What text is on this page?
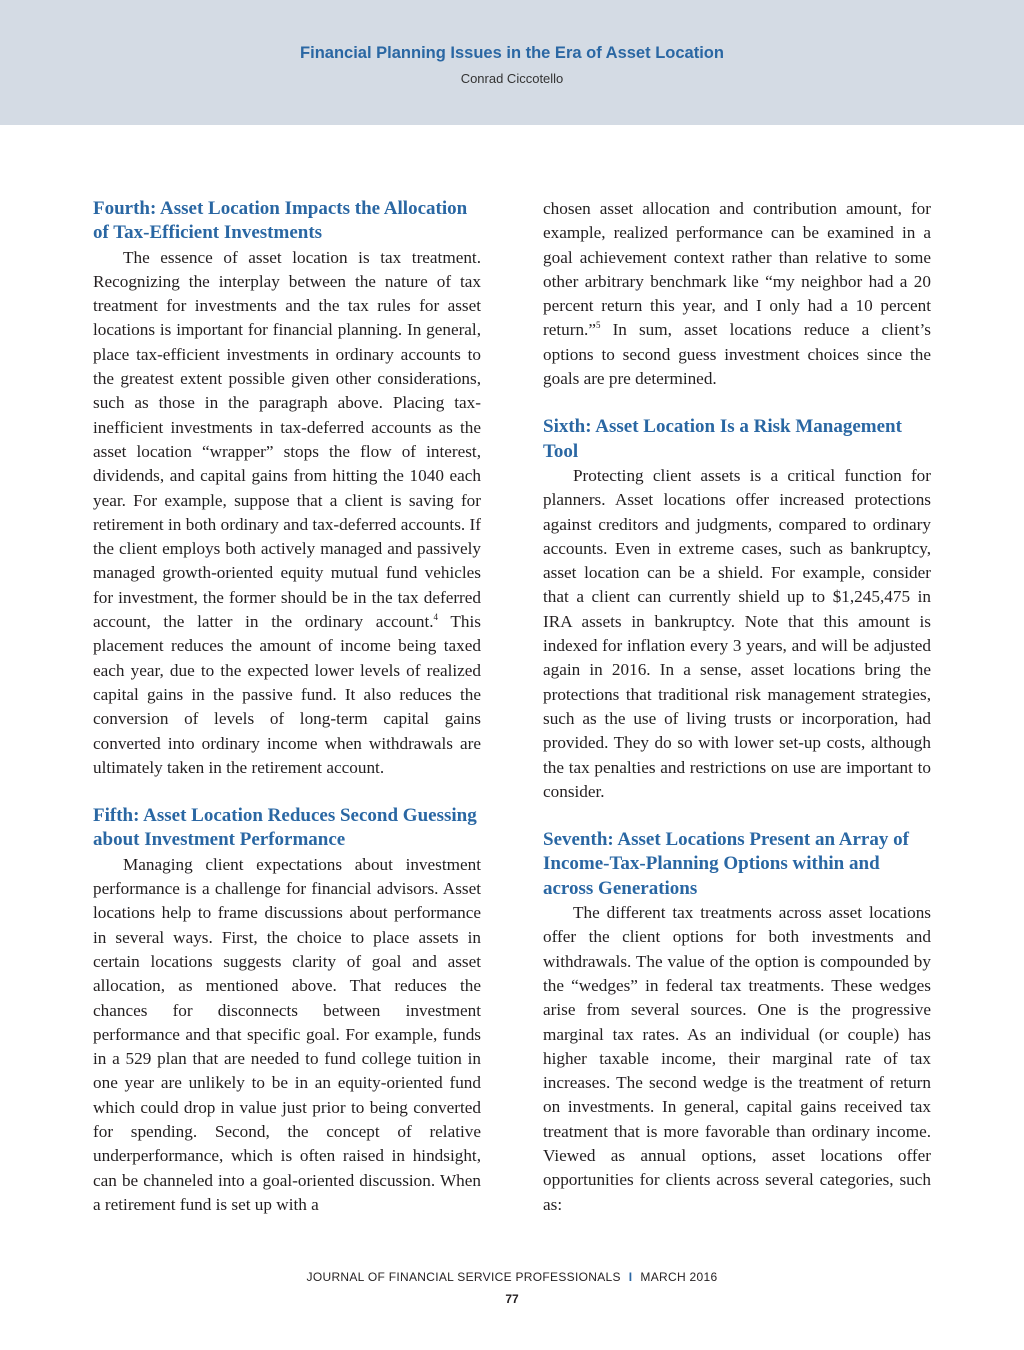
Financial Planning Issues in the Era of Asset Location
Conrad Ciccotello
Fourth: Asset Location Impacts the Allocation of Tax-Efficient Investments

The essence of asset location is tax treatment. Recognizing the interplay between the nature of tax treatment for investments and the tax rules for asset locations is important for financial planning. In general, place tax-efficient investments in ordinary accounts to the greatest extent possible given other considerations, such as those in the paragraph above. Placing tax-inefficient investments in tax-deferred accounts as the asset location “wrapper” stops the flow of interest, dividends, and capital gains from hitting the 1040 each year. For example, suppose that a client is saving for retirement in both ordinary and tax-deferred accounts. If the client employs both actively managed and passively managed growth-oriented equity mutual fund vehicles for investment, the former should be in the tax deferred account, the latter in the ordinary account.$^4$ This placement reduces the amount of income being taxed each year, due to the expected lower levels of realized capital gains in the passive fund. It also reduces the conversion of levels of long-term capital gains converted into ordinary income when withdrawals are ultimately taken in the retirement account.

Fifth: Asset Location Reduces Second Guessing about Investment Performance

Managing client expectations about investment performance is a challenge for financial advisors. Asset locations help to frame discussions about performance in several ways. First, the choice to place assets in certain locations suggests clarity of goal and asset allocation, as mentioned above. That reduces the chances for disconnects between investment performance and that specific goal. For example, funds in a 529 plan that are needed to fund college tuition in one year are unlikely to be in an equity-oriented fund which could drop in value just prior to being converted for spending. Second, the concept of relative underperformance, which is often raised in hindsight, can be channeled into a goal-oriented discussion. When a retirement fund is set up with a

chosen asset allocation and contribution amount, for example, realized performance can be examined in a goal achievement context rather than relative to some other arbitrary benchmark like “my neighbor had a 20 percent return this year, and I only had a 10 percent return.”$^5$ In sum, asset locations reduce a client’s options to second guess investment choices since the goals are pre determined.

Sixth: Asset Location Is a Risk Management Tool

Protecting client assets is a critical function for planners. Asset locations offer increased protections against creditors and judgments, compared to ordinary accounts. Even in extreme cases, such as bankruptcy, asset location can be a shield. For example, consider that a client can currently shield up to $1,245,475 in IRA assets in bankruptcy. Note that this amount is indexed for inflation every 3 years, and will be adjusted again in 2016. In a sense, asset locations bring the protections that traditional risk management strategies, such as the use of living trusts or incorporation, had provided. They do so with lower set-up costs, although the tax penalties and restrictions on use are important to consider.

Seventh: Asset Locations Present an Array of Income-Tax-Planning Options within and across Generations

The different tax treatments across asset locations offer the client options for both investments and withdrawals. The value of the option is compounded by the “wedges” in federal tax treatments. These wedges arise from several sources. One is the progressive marginal tax rates. As an individual (or couple) has higher taxable income, their marginal rate of tax increases. The second wedge is the treatment of return on investments. In general, capital gains received tax treatment that is more favorable than ordinary income. Viewed as annual options, asset locations offer opportunities for clients across several categories, such as:

JOURNAL OF FINANCIAL SERVICE PROFESSIONALS I MARCH 2016
77
